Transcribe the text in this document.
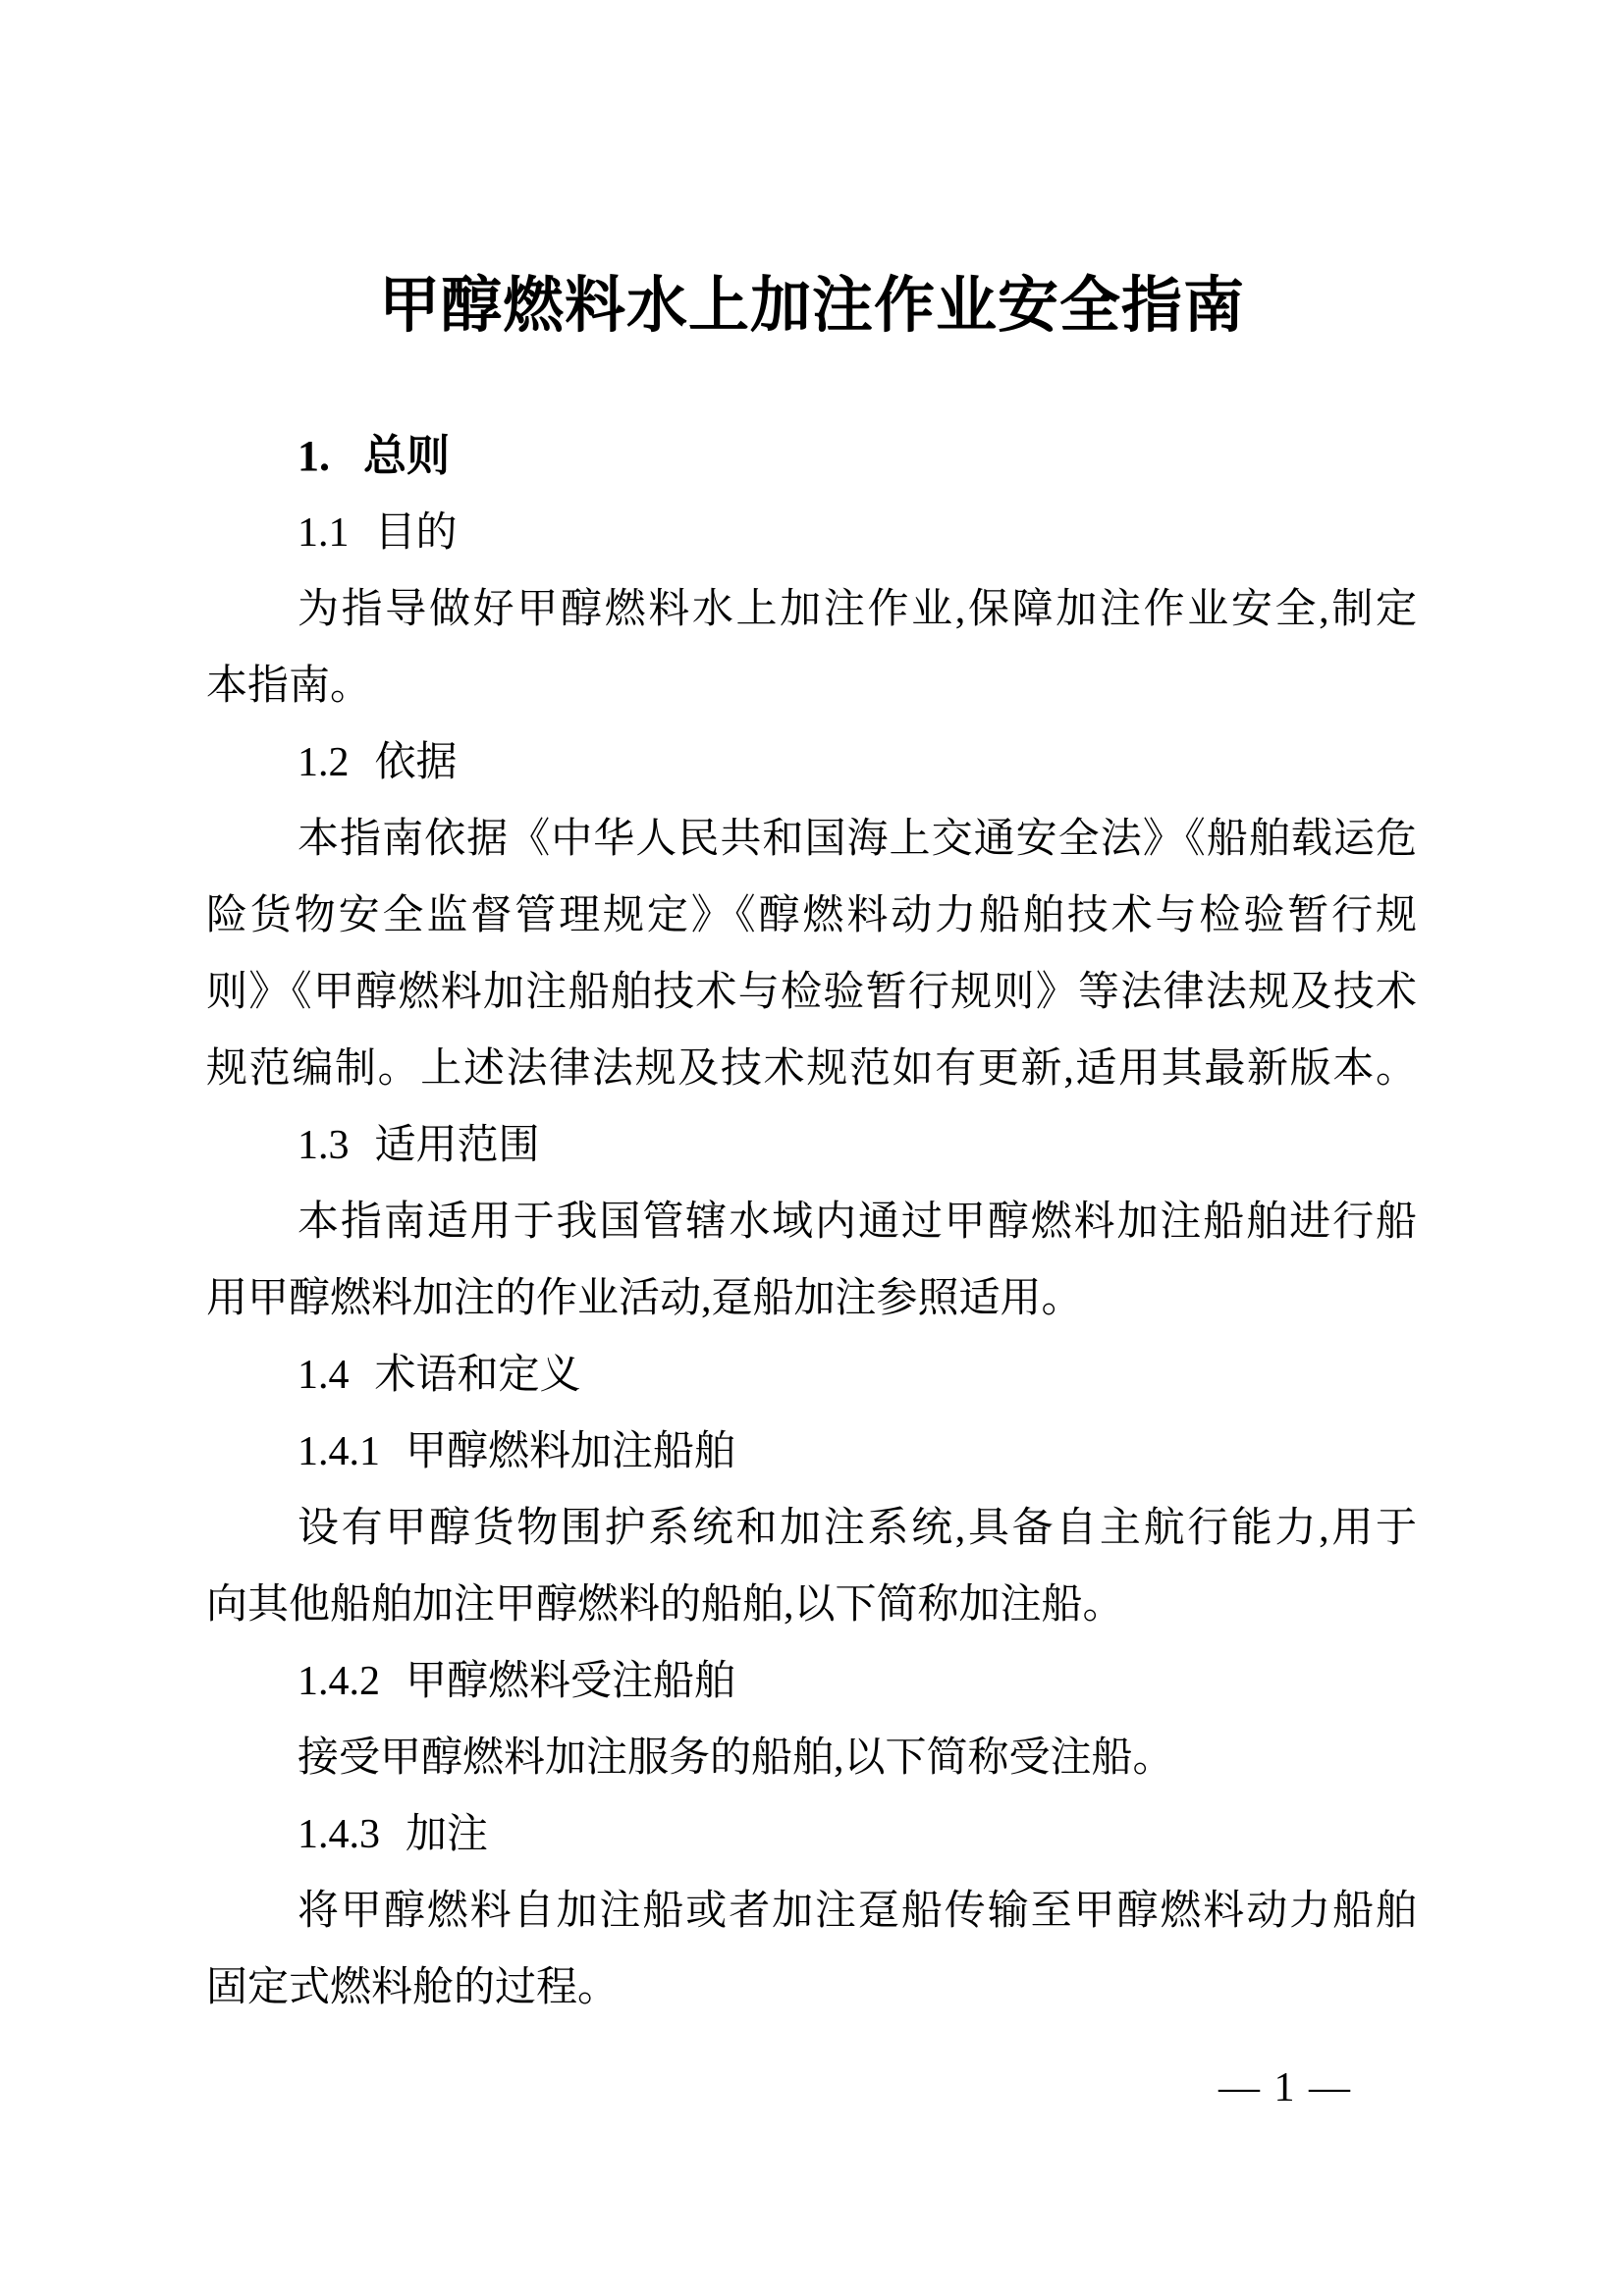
甲醇燃料水上加注作业安全指南
1. 总则
1.1 目的
为指导做好甲醇燃料水上加注作业,保障加注作业安全,制定
本指南。
1.2 依据
本指南依据《中华人民共和国海上交通安全法》《船舶载运危
险货物安全监督管理规定》《醇燃料动力船舶技术与检验暂行规
则》《甲醇燃料加注船舶技术与检验暂行规则》等法律法规及技术
规范编制。上述法律法规及技术规范如有更新,适用其最新版本。
1.3 适用范围
本指南适用于我国管辖水域内通过甲醇燃料加注船舶进行船
用甲醇燃料加注的作业活动,趸船加注参照适用。
1.4 术语和定义
1.4.1 甲醇燃料加注船舶
设有甲醇货物围护系统和加注系统,具备自主航行能力,用于
向其他船舶加注甲醇燃料的船舶,以下简称加注船。
1.4.2 甲醇燃料受注船舶
接受甲醇燃料加注服务的船舶,以下简称受注船。
1.4.3 加注
将甲醇燃料自加注船或者加注趸船传输至甲醇燃料动力船舶
固定式燃料舱的过程。
— 1 —
